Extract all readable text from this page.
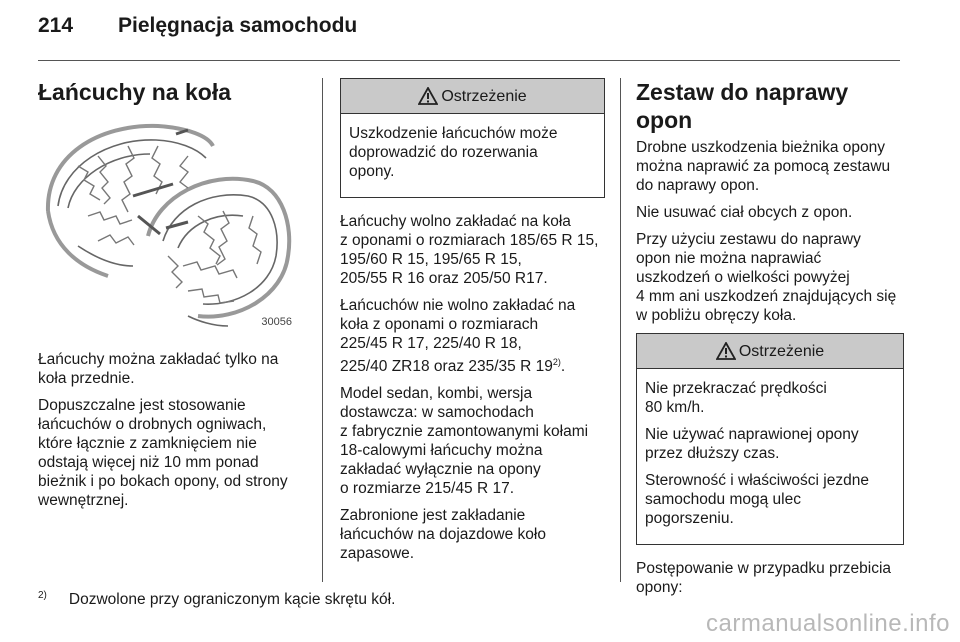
214 Pielęgnacja samochodu
Łańcuchy na koła
30056

Łańcuchy można zakładać tylko na
koła przednie.

Dopuszczalne jest stosowanie
łańcuchów o drobnych ogniwach,
które łącznie z zamknięciem nie
odstają więcej niż 10 mm ponad
bieżnik i po bokach opony, od strony
wewnętrznej.

Ostrzeżenie

Uszkodzenie łańcuchów może
doprowadzić do rozerwania
opony.

Łańcuchy wolno zakładać na koła
z oponami o rozmiarach 185/65 R 15,
195/60 R 15, 195/65 R 15,
205/55 R 16 oraz 205/50 R17.

Łańcuchów nie wolno zakładać na
koła z oponami o rozmiarach
225/45 R 17, 225/40 R 18,
225/40 ZR18 oraz 235/35 R 19$^{2)}$.

Model sedan, kombi, wersja
dostawcza: w samochodach
z fabrycznie zamontowanymi kołami
18-calowymi łańcuchy można
zakładać wyłącznie na opony
o rozmiarze 215/45 R 17.

Zabronione jest zakładanie
łańcuchów na dojazdowe koło
zapasowe.

Zestaw do naprawy opon

Drobne uszkodzenia bieżnika opony
można naprawić za pomocą zestawu
do naprawy opon.

Nie usuwać ciał obcych z opon.

Przy użyciu zestawu do naprawy
opon nie można naprawiać
uszkodzeń o wielkości powyżej
4 mm ani uszkodzeń znajdujących się
w pobliżu obręczy koła.

Ostrzeżenie

Nie przekraczać prędkości
80 km/h.

Nie używać naprawionej opony
przez dłuższy czas.

Sterowność i właściwości jezdne
samochodu mogą ulec
pogorszeniu.

Postępowanie w przypadku przebicia
opony:

$^{2)}$ Dozwolone przy ograniczonym kącie skrętu kół.
carmanualsonline.info
